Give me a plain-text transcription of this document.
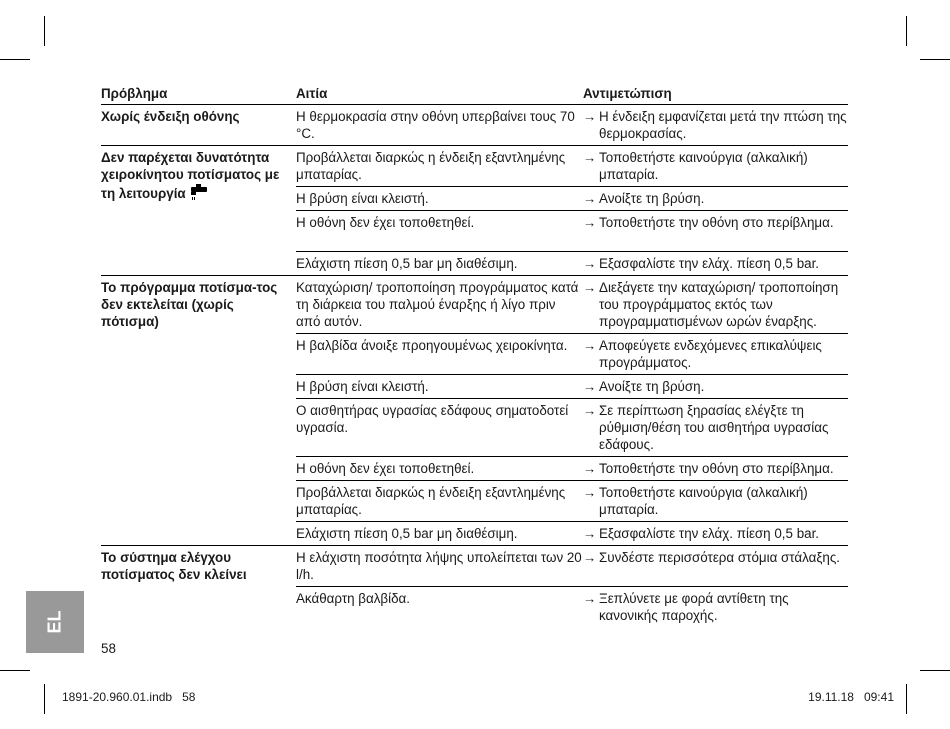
Πρόβλημα	Αιτία	Αντιμετώπιση
Χωρίς ένδειξη οθόνης	Η θερμοκρασία στην οθόνη υπερβαίνει τους 70 °C.	→ Η ένδειξη εμφανίζεται μετά την πτώση της θερμοκρασίας.

Δεν παρέχεται δυνατότητα χειροκίνητου ποτίσματος με τη λειτουργία	Προβάλλεται διαρκώς η ένδειξη εξαντλημένης μπαταρίας.	→ Τοποθετήστε καινούργια (αλκαλική) μπαταρία.

	Η βρύση είναι κλειστή.	→ Ανοίξτε τη βρύση.

	Η οθόνη δεν έχει τοποθετηθεί.	→ Τοποθετήστε την οθόνη στο περίβλημα.

	Ελάχιστη πίεση 0,5 bar μη διαθέσιμη.	→ Εξασφαλίστε την ελάχ. πίεση 0,5 bar.

Το πρόγραμμα ποτίσμα-τος δεν εκτελείται (χωρίς πότισμα)	Καταχώριση/ τροποποίηση προγράμματος κατά τη διάρκεια του παλμού έναρξης ή λίγο πριν από αυτόν.	→ Διεξάγετε την καταχώριση/ τροποποίηση του προγράμματος εκτός των προγραμματισμένων ωρών έναρξης.

	Η βαλβίδα άνοιξε προηγουμένως χειροκίνητα.	→ Αποφεύγετε ενδεχόμενες επικαλύψεις προγράμματος.

	Η βρύση είναι κλειστή.	→ Ανοίξτε τη βρύση.

	Ο αισθητήρας υγρασίας εδάφους σηματοδοτεί υγρασία.	→ Σε περίπτωση ξηρασίας ελέγξτε τη ρύθμιση/θέση του αισθητήρα υγρασίας εδάφους.

	Η οθόνη δεν έχει τοποθετηθεί.	→ Τοποθετήστε την οθόνη στο περίβλημα.

	Προβάλλεται διαρκώς η ένδειξη εξαντλημένης μπαταρίας.	→ Τοποθετήστε καινούργια (αλκαλική) μπαταρία.

	Ελάχιστη πίεση 0,5 bar μη διαθέσιμη.	→ Εξασφαλίστε την ελάχ. πίεση 0,5 bar.

Το σύστημα ελέγχου ποτίσματος δεν κλείνει	Η ελάχιστη ποσότητα λήψης υπολείπεται των 20 l/h.	→ Συνδέστε περισσότερα στόμια στάλαξης.

	Ακάθαρτη βαλβίδα.	→ Ξεπλύνετε με φορά αντίθετη της κανονικής παροχής.
EL
58
1891-20.960.01.indb   58	19.11.18   09:41
